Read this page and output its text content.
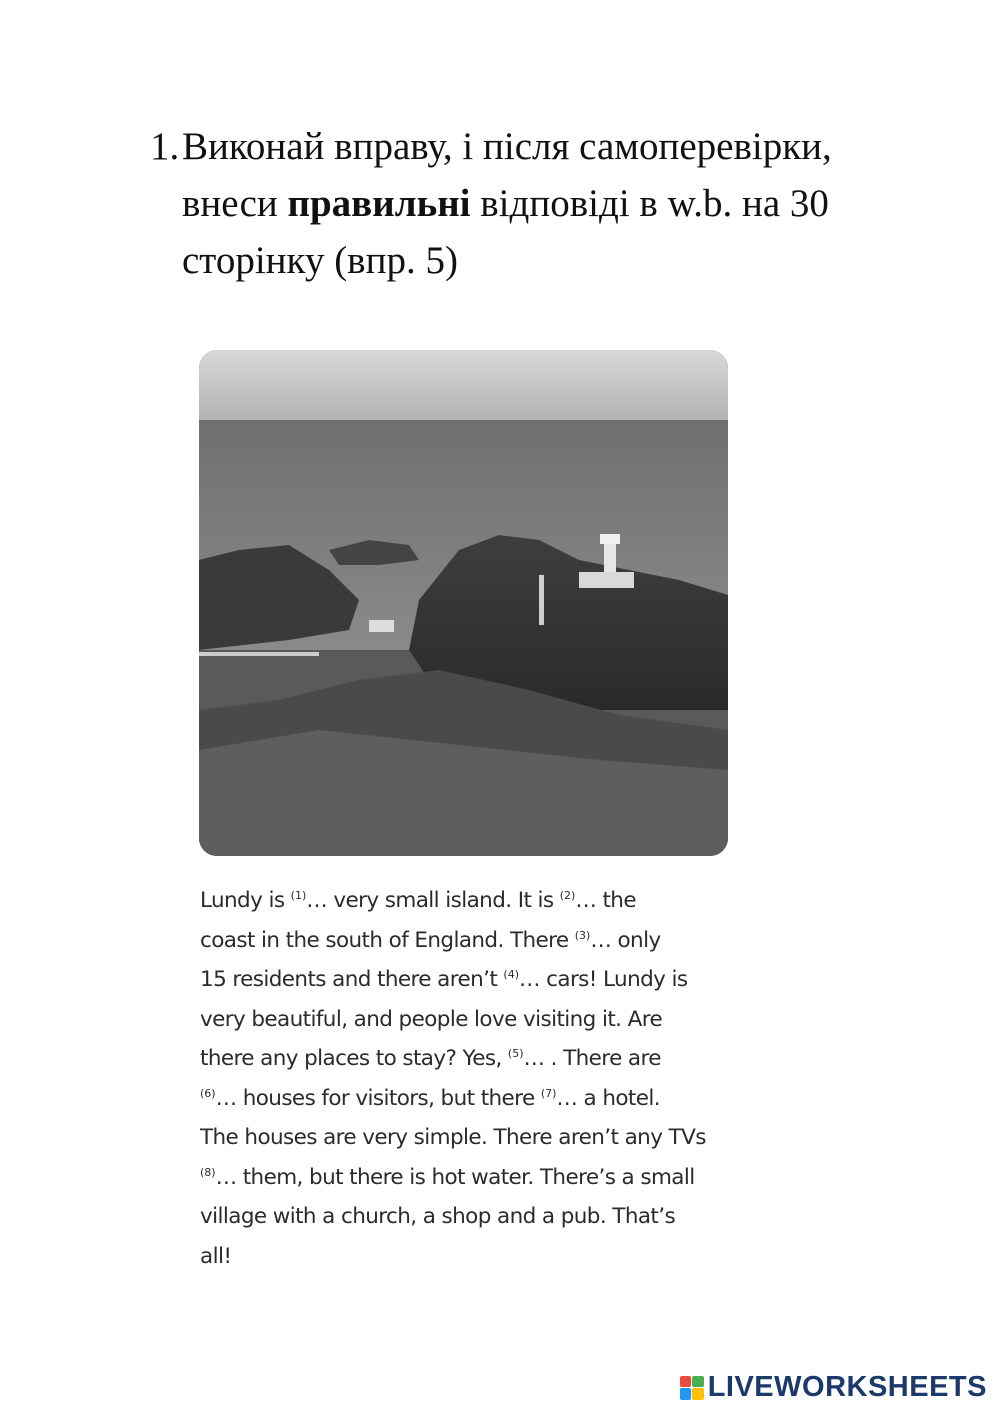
1. Виконай вправу, і після самоперевірки,
внеси правильні відповіді в w.b. на 30
сторінку (впр. 5)
Lundy is $^{(1)}$… very small island. It is $^{(2)}$… the
coast in the south of England. There $^{(3)}$… only
15 residents and there aren’t $^{(4)}$… cars! Lundy is
very beautiful, and people love visiting it. Are
there any places to stay? Yes, $^{(5)}$… . There are
$^{(6)}$… houses for visitors, but there $^{(7)}$… a hotel.
The houses are very simple. There aren’t any TVs
$^{(8)}$… them, but there is hot water. There’s a small
village with a church, a shop and a pub. That’s
all!
LIVEWORKSHEETS
